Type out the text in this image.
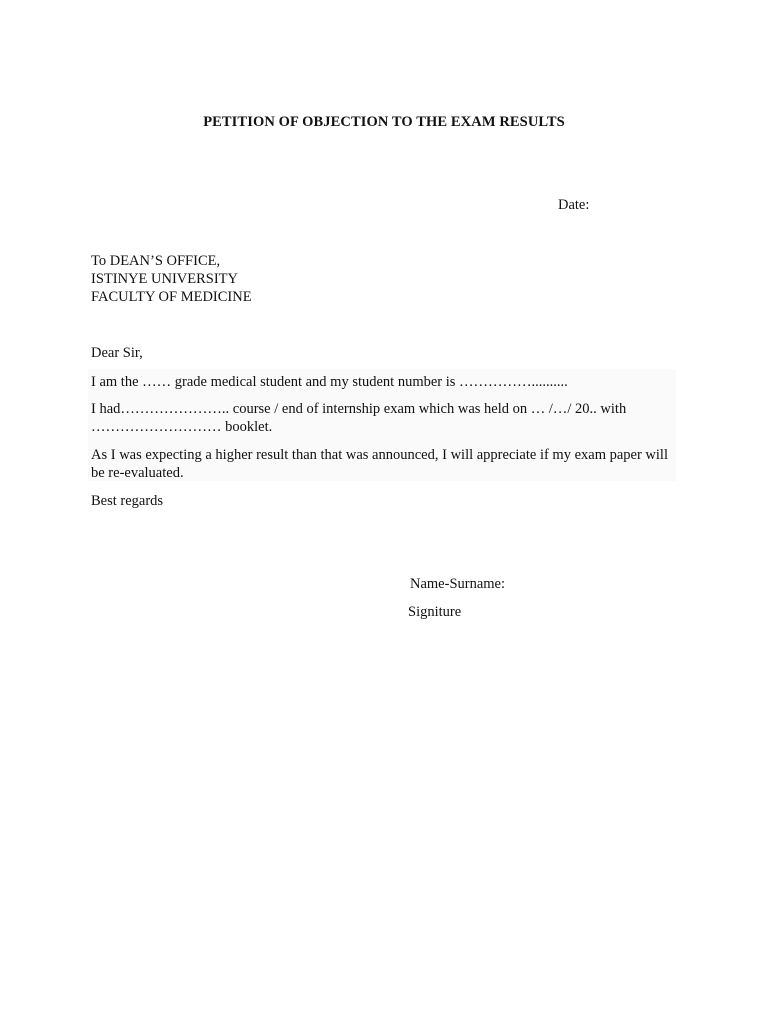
PETITION OF OBJECTION TO THE EXAM RESULTS
Date:
To DEAN’S OFFICE,
ISTINYE UNIVERSITY
FACULTY OF MEDICINE
Dear Sir,
I am the …… grade medical student and my student number is ……………..........
I had………………….. course / end of internship exam which was held on … /…/ 20.. with ……………………… booklet.
As I was expecting a higher result than that was announced, I will appreciate if my exam paper will be re-evaluated.
Best regards
Name-Surname:
Signiture
